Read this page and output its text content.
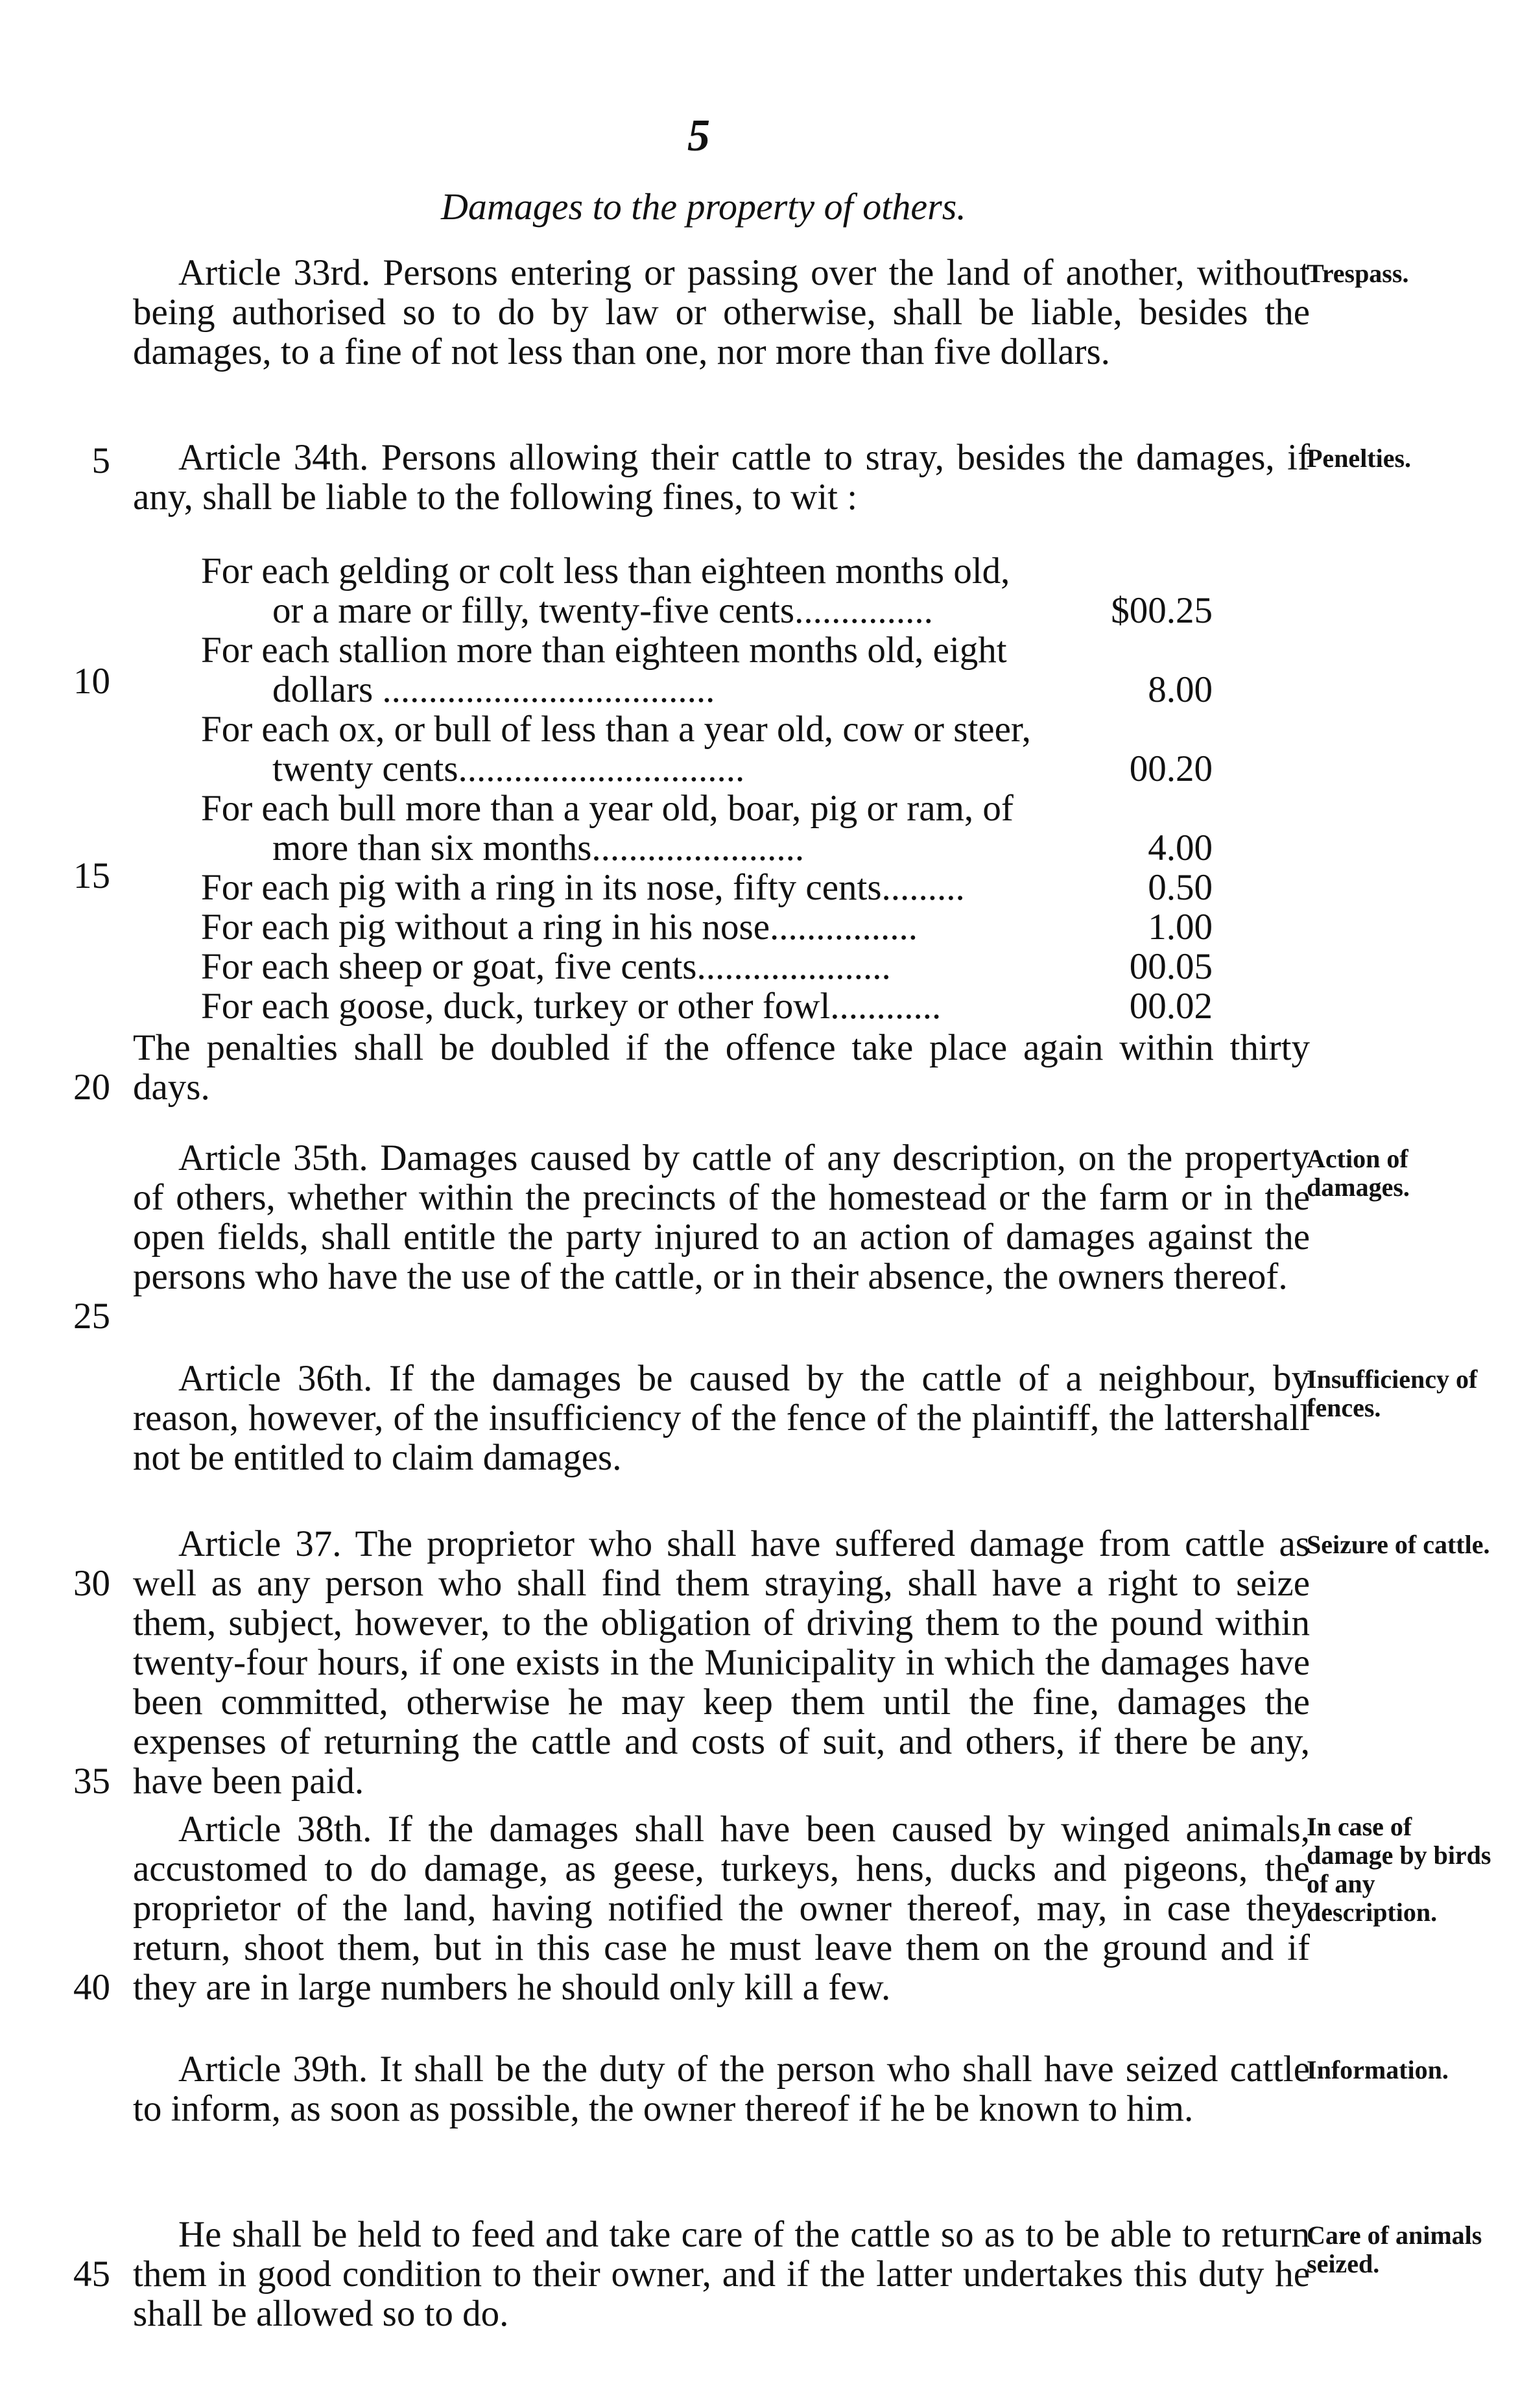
5
Damages to the property of others.

Article 33rd. Persons entering or passing over the land of another, without being authorised so to do by law or otherwise, shall be liable, besides the damages, to a fine of not less than one, nor more than five dollars.

Trespass.

Article 34th. Persons allowing their cattle to stray, besides the damages, if any, shall be liable to the following fines, to wit :

Penelties.
For each gelding or colt less than eighteen months old,
or a mare or filly, twenty-five cents...............	$00.25
For each stallion more than eighteen months old, eight
dollars ....................................	8.00
For each ox, or bull of less than a year old, cow or steer,
twenty cents...............................	00.20
For each bull more than a year old, boar, pig or ram, of
more than six months.......................	4.00
For each pig with a ring in its nose, fifty cents.........	0.50
For each pig without a ring in his nose................	1.00
For each sheep or goat, five cents.....................	00.05
For each goose, duck, turkey or other fowl............	00.02

The penalties shall be doubled if the offence take place again within thirty days.

Article 35th. Damages caused by cattle of any description, on the property of others, whether within the precincts of the homestead or the farm or in the open fields, shall entitle the party injured to an action of damages against the persons who have the use of the cattle, or in their absence, the owners thereof.

Action of damages.

Article 36th. If the damages be caused by the cattle of a neighbour, by reason, however, of the insufficiency of the fence of the plaintiff, the lattershall not be entitled to claim damages.

Insufficiency of fences.

Article 37. The proprietor who shall have suffered damage from cattle as well as any person who shall find them straying, shall have a right to seize them, subject, however, to the obligation of driving them to the pound within twenty-four hours, if one exists in the Municipality in which the damages have been committed, otherwise he may keep them until the fine, damages the expenses of returning the cattle and costs of suit, and others, if there be any, have been paid.

Seizure of cattle.

Article 38th. If the damages shall have been caused by winged animals, accustomed to do damage, as geese, turkeys, hens, ducks and pigeons, the proprietor of the land, having notified the owner thereof, may, in case they return, shoot them, but in this case he must leave them on the ground and if they are in large numbers he should only kill a few.

In case of damage by birds of any description.

Article 39th. It shall be the duty of the person who shall have seized cattle to inform, as soon as possible, the owner thereof if he be known to him.

Information.

He shall be held to feed and take care of the cattle so as to be able to return them in good condition to their owner, and if the latter undertakes this duty he shall be allowed so to do.

Care of animals seized.
5
10
15
20
25
30
35
40
45
